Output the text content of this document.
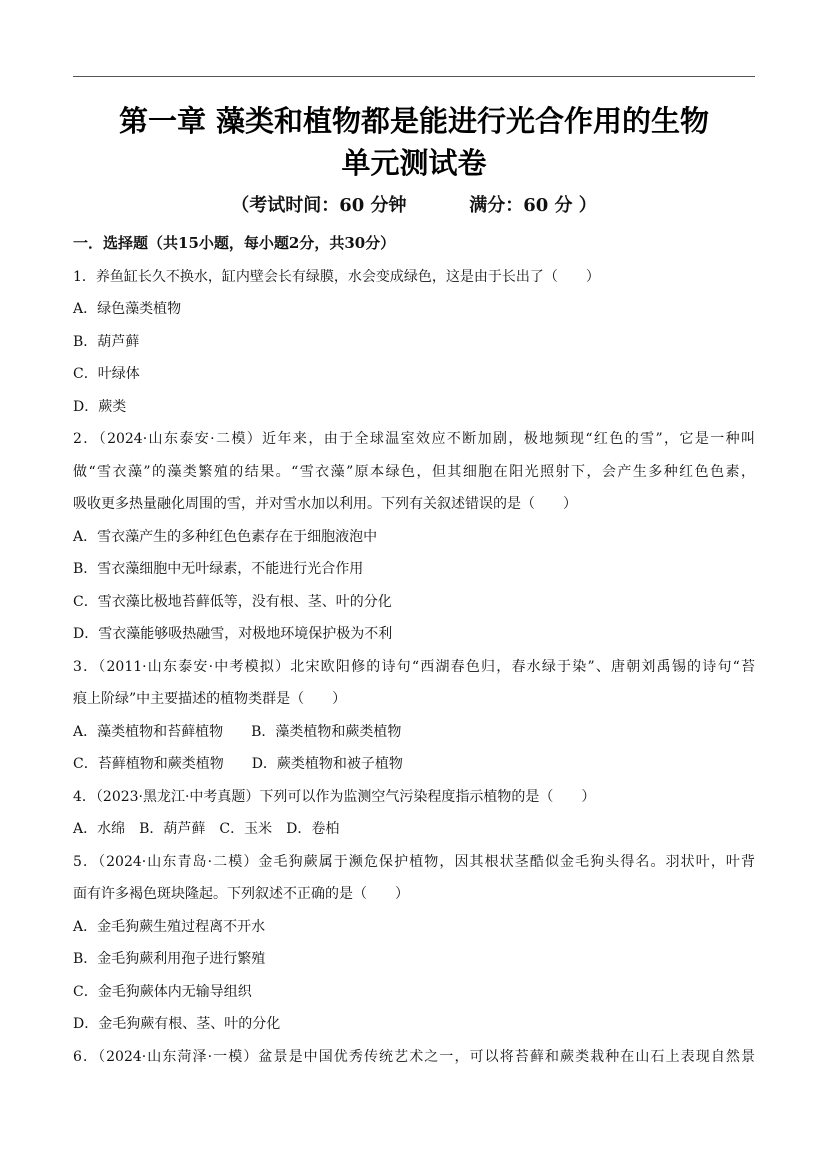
第一章 藻类和植物都是能进行光合作用的生物
单元测试卷
（考试时间：60 分钟          满分：60 分 ）
一．选择题（共15小题，每小题2分，共30分）
1．养鱼缸长久不换水，缸内壁会长有绿膜，水会变成绿色，这是由于长出了（　　）
A．绿色藻类植物
B．葫芦藓
C．叶绿体
D．蕨类
2．（2024·山东泰安·二模）近年来，由于全球温室效应不断加剧，极地频现“红色的雪”，它是一种叫
做“雪衣藻”的藻类繁殖的结果。“雪衣藻”原本绿色，但其细胞在阳光照射下，会产生多种红色色素，
吸收更多热量融化周围的雪，并对雪水加以利用。下列有关叙述错误的是（　　）
A．雪衣藻产生的多种红色色素存在于细胞液泡中
B．雪衣藻细胞中无叶绿素，不能进行光合作用
C．雪衣藻比极地苔藓低等，没有根、茎、叶的分化
D．雪衣藻能够吸热融雪，对极地环境保护极为不利
3．（2011·山东泰安·中考模拟）北宋欧阳修的诗句“西湖春色归，春水绿于染”、唐朝刘禹锡的诗句“苔
痕上阶绿”中主要描述的植物类群是（　　）
A．藻类植物和苔藓植物　　B．藻类植物和蕨类植物
C．苔藓植物和蕨类植物　　D．蕨类植物和被子植物
4．（2023·黑龙江·中考真题）下列可以作为监测空气污染程度指示植物的是（　　）
A．水绵　B．葫芦藓　C．玉米　D．卷柏
5．（2024·山东青岛·二模）金毛狗蕨属于濒危保护植物，因其根状茎酷似金毛狗头得名。羽状叶，叶背
面有许多褐色斑块隆起。下列叙述不正确的是（　　）
A．金毛狗蕨生殖过程离不开水
B．金毛狗蕨利用孢子进行繁殖
C．金毛狗蕨体内无输导组织
D．金毛狗蕨有根、茎、叶的分化
6．（2024·山东菏泽·一模）盆景是中国优秀传统艺术之一，可以将苔藓和蕨类栽种在山石上表现自然景
